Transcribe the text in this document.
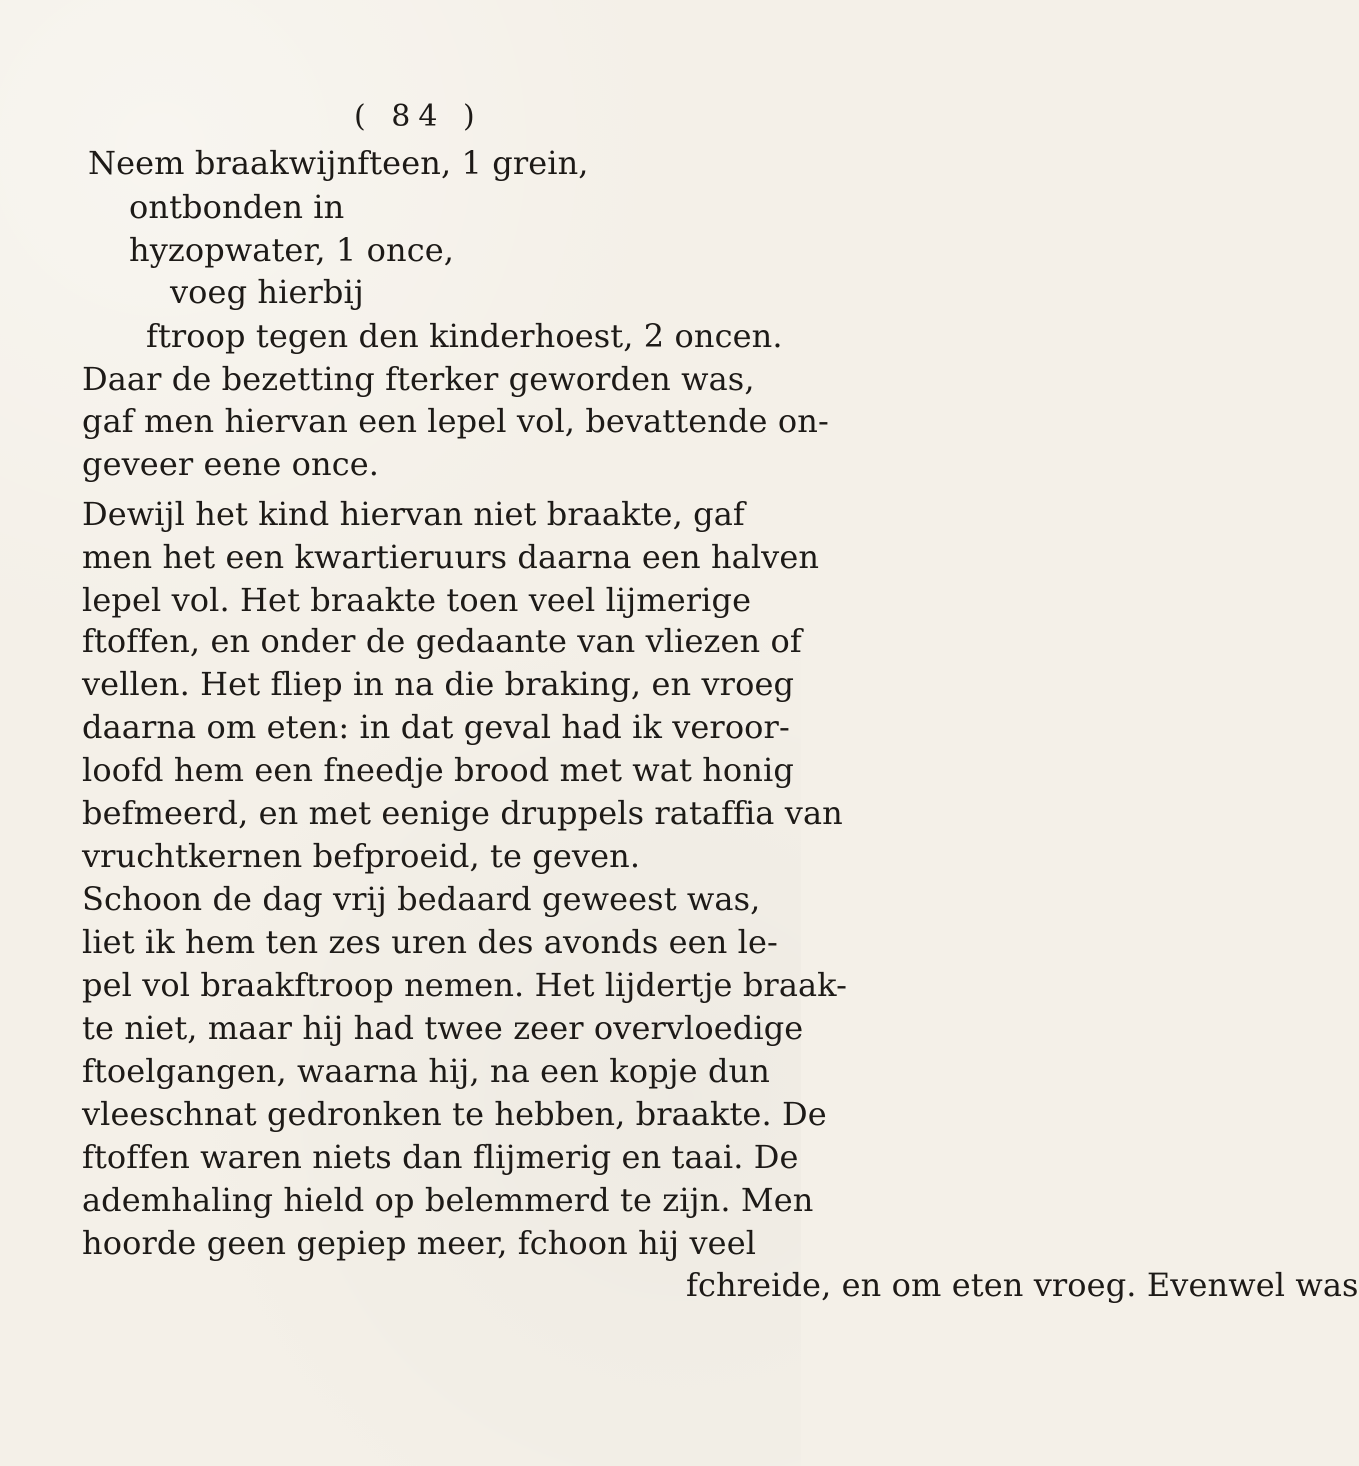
( 84 )
Neem braakwijnfteen, 1 grein,
ontbonden in
hyzopwater, 1 once,
voeg hierbij
ftroop tegen den kinderhoest, 2 oncen.
Daar de bezetting fterker geworden was,
gaf men hiervan een lepel vol, bevattende on-
geveer eene once.
Dewijl het kind hiervan niet braakte, gaf
men het een kwartieruurs daarna een halven
lepel vol. Het braakte toen veel lijmerige
ftoffen, en onder de gedaante van vliezen of
vellen. Het fliep in na die braking, en vroeg
daarna om eten: in dat geval had ik veroor-
loofd hem een fneedje brood met wat honig
befmeerd, en met eenige druppels rataffia van
vruchtkernen befproeid, te geven.
Schoon de dag vrij bedaard geweest was,
liet ik hem ten zes uren des avonds een le-
pel vol braakftroop nemen. Het lijdertje braak-
te niet, maar hij had twee zeer overvloedige
ftoelgangen, waarna hij, na een kopje dun
vleeschnat gedronken te hebben, braakte. De
ftoffen waren niets dan flijmerig en taai. De
ademhaling hield op belemmerd te zijn. Men
hoorde geen gepiep meer, fchoon hij veel
fchreide, en om eten vroeg. Evenwel was
